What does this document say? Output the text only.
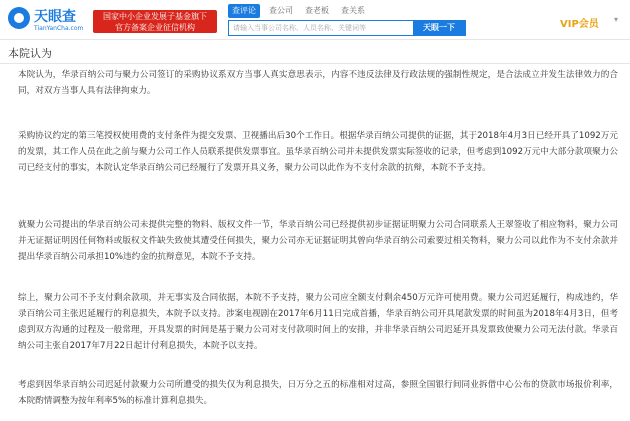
天眼查
TianYanCha.com
国家中小企业发展子基金旗下
官方备案企业征信机构
查评论	查公司	查老板	查关系
请输入当事公司名称、人员名称、关键词等
天眼一下	VIP会员 ▾
本院认为

本院认为，华录百纳公司与聚力公司签订的采购协议系双方当事人真实意思表示，内容不违反法律及行政法规的强制性规定，是合法成立并发生法律效力的合同，对双方当事人具有法律拘束力。

采购协议约定的第三笔授权使用费的支付条件为提交发票、卫视播出后30个工作日。根据华录百纳公司提供的证据，其于2018年4月3日已经开具了1092万元的发票，其工作人员在此之前与聚力公司工作人员联系提供发票事宜。虽华录百纳公司并未提供发票实际签收的记录，但考虑到1092万元中大部分款项聚力公司已经支付的事实，本院认定华录百纳公司已经履行了发票开具义务，聚力公司以此作为不支付余款的抗辩，本院不予支持。

就聚力公司提出的华录百纳公司未提供完整的物料、版权文件一节，华录百纳公司已经提供初步证据证明聚力公司合同联系人王翠签收了相应物料，聚力公司并无证据证明因任何物料或版权文件缺失致使其遭受任何损失，聚力公司亦无证据证明其曾向华录百纳公司索要过相关物料，聚力公司以此作为不支付余款并提出华录百纳公司承担10%违约金的抗辩意见，本院不予支持。

综上，聚力公司不予支付剩余款项，并无事实及合同依据，本院不予支持，聚力公司应全额支付剩余450万元许可使用费。聚力公司迟延履行，构成违约，华录百纳公司主张迟延履行的利息损失，本院予以支持。涉案电视剧在2017年6月11日完成首播，华录百纳公司开具尾款发票的时间虽为2018年4月3日，但考虑到双方沟通的过程及一般常理，开具发票的时间是基于聚力公司对支付款项时间上的安排，并非华录百纳公司迟延开具发票致使聚力公司无法付款。华录百纳公司主张自2017年7月22日起计付利息损失，本院予以支持。

考虑到因华录百纳公司迟延付款聚力公司所遭受的损失仅为利息损失，日万分之五的标准相对过高，参照全国银行间同业拆借中心公布的贷款市场报价利率，本院酌情调整为按年利率5%的标准计算利息损失。
